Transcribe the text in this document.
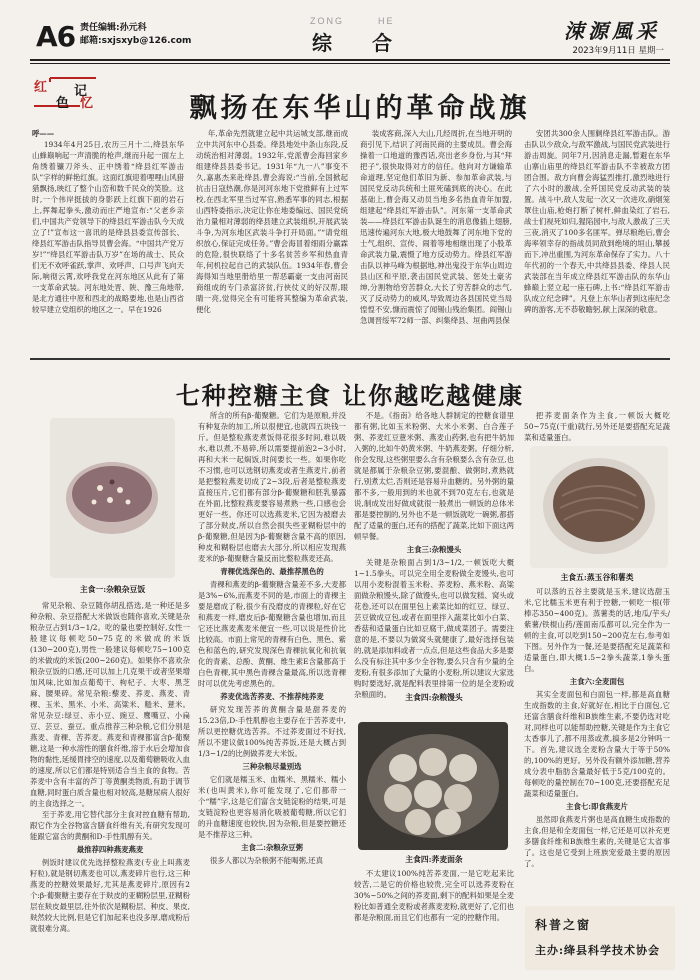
A6 责任编辑:孙元科
邮箱:sxjsxyb@126.com
ZONG	HE
综 合	涑源風采
2023年9月11日 星期一
红 记
色 忆	飘扬在东华山的革命战旗

呼——

1934年4月25日,农历三月十二,绛县东华山蜂巅响起一声清脆的枪声,继而升起一面左上角绣着镰刀斧头、正中绣着“绛县红军游击队”字样的鲜艳红旗。这面红旗迎着哩哩山风猎猎飘扬,映红了整个山峦和数千民众的笑脸。这时,一个伟岸挺拔的身影跃上红旗下面的岩石上,挥舞起拳头,激动而庄严地宣布:“父老乡亲们,中国共产党领导下的绛县红军游击队今天成立了!”宣布这一喜讯的是绛县县委宣传部长、绛县红军游击队指导员曹会海。“中国共产党万岁!”“绛县红军游击队万岁”在场的战士、民众们无不欢呼雀跃,掌声、欢呼声、口号声飞向天际,响彻云霄,欢呼我党在河东地区从此有了第一支革命武装。河东地处晋、陕、豫三角地带,是北方通往中原和西北的战略要地,也是山西省较早建立党组织的地区之一。早在1926

年,革命先烈就建立起中共运城支部,继而成立中共河东中心县委。绛县地处中条山东段,反动统治相对薄弱。1932年,党派曹会海回家乡组建绛县县委书记。1931年“九一八”事变不久,嘉惠杰来赴绛县,曹会海说:“当前,全国掀起抗击日寇热潮,你是河河东地下党推鲜有上过军校,在西北军里当过军官,熟悉军事的同志,根据山西特委指示,决定让你在地委编远、国民党统治力量相对薄弱的绛县建立武装组织,开展武装斗争,为河东地区武装斗争打开局面。”“请党组织放心,保证完成任务。”曹会海冒着细雨分赢霖的危险,很快联络了十多名贫苦乡军和热血青年,何机拉起自己的武装队伍。1934年春,曹会海得知当地里册给里一帮恶霸豪一支由河南民商组成的专门杀富济贫,行侠仗义的好汉帮,眼睛一亮,觉得完全有可能将其整编为革命武装,便化

装成客商,深入大山,几经周折,在当地开明的商引见下,结识了河南民商的主要成员。曹会海操着一口地道的豫西话,亮出老乡身份,与其“拜把子”,很快取得对方的信任。他向对方谦输革命道理,坚定他们革旧为新、参加革命武装,与国民党反动兵统和土匪死磕到底的决心。在此基础上,曹会海又动员当地多名热血青年加盟,组建起“绛县红军游击队”。河东第一支革命武装——绛县红军游击队诞生的消息像插上翅膀,迅速传遍河东大地,极大地鼓舞了河东地下党的士气,组织、宣传、闹着等地相继出现了小股革命武装力量,震慑了地方反动势力。绛县红军游击队以神马峰为根据地,神出鬼没于东华山周边县山区和平原,袭击国民党武装、惩处土豪劣绅,分割物给穷苦群众,大长了穷苦群众的志气,灭了反动势力的威风,导致周边各县国民党当局惶惶不安,慷而震惊了闻锡山残治集团。阎锡山急调晋绥军72师一部、纠集绛县、垣曲两县保

安团共300余人围剿绛县红军游击队。游击队以少敌众,与敌军激战,与国民党武装进行游击周旋。同年7月,因消息走漏,暂避在东华山寨山庙里的绛县红军游击队不幸被敌方团团合围。敌方向曹会海猛烈推打,激烈地进行了六小时的激战,全歼国民党反动武装的装置。战斗中,敌人发起一次又一次进攻,硝烟笼罩住山庙,枪炮打断了树杆,鲜血染红了岩石,战士们视死如归,猩陷园中,与敌人激战了三天三夜,消灭了100多名匪军。弹尽粮绝后,曹会海率领幸存的指战员同敌到绝境的垣山,攀援而下,冲出重围,为河东革命保存了实力。八十年代初的一个春天,中共绛县县委、绛县人民武装部在当年成立绛县红军游击队的东华山蜂巅上竖立起一座石碑,上书:“绛县红军游击队成立纪念碑”。凡登上东华山者到这座纪念碑的游客,无不恭敬瞻躬,献上深深的敬意。

七种控糖主食 让你越吃越健康
主食一:杂粮杂豆饭

常见杂粮、杂豆随你胡乱搭选,是一种还是多种杂粮、杂豆搭配大米做饭也随你喜欢,关键是杂粮杂豆占到1/3~1/2。吃的量也要控制好,女性一般建议每顿吃50~75克的米做成的米饭(130~200克),男性一般建议每顿吃75~100克的米做成的米饭(200~260克)。如果你不喜欢杂粮杂豆饭的口感,还可以加上几克果干或者坚果增加风味,比如加点葡萄干、枸杞子、大枣、黑芝麻、腰果碎。常见杂粮:藜麦、荞麦、燕麦、青稞、玉米、黑米、小米、高粱米、糙米、薏米。常见杂豆:绿豆、赤小豆、豌豆、鹰嘴豆、小扁豆、芸豆、蚕豆。重点推荐三种杂粮,它们分别是燕麦、青稞、苦荞麦。燕麦和青稞都富含β-葡聚糖,这是一种水溶性的膳食纤维,溶于水后会增加食物的黏性,延缓胃排空的速度,以及葡萄糖吸收入血的速度,所以它们都是特别适合当主食的食物。苦荞麦中含有丰富的芦丁等黄酮类物质,有助于调节血糖,同时蛋白质含量也相对较高,是糖尿病人很好的主食选择之一。

至于荞麦,用它替代部分主食对控血糖有帮助,跟它作为全谷物富含膳食纤维有关,有研究发现可能跟它富含的黄酮和D-手性肌醇有关。

最推荐四种燕麦燕麦

例饭时建议优先选择整粒燕麦(专业上叫燕麦籽粒),就是钢切燕麦也可以,燕麦碎片也行,这三种燕麦的控糖效果最好,尤其是燕麦碎片,原因有2个:β-葡聚糖主要存在于麸皮的亚糊粉层里,亚糊粉层在麸皮最里层,往外依次是糊粉层、种皮、果皮,麸然较大比例,但是它们加起来也没多厚,磨成粉后就很难分离。

所含的所有β-葡聚糖。它们为是原粮,并没有种复杂的加工,所以很便宜,也就四五块钱一斤。但是整粒燕麦煮饭得花很多时间,难以吸水,难以煮,不易碎,所以需要提前泡2~3小时,再和大米一起焖饭,时间要长一些。如果你吃不习惯,也可以选钢切燕麦或者生燕麦片,前者是把整粒燕麦切成了2~3段,后者是整粒燕麦直接压片,它们都有部分β-葡聚糖和胚乳暴露在外面,比整粒燕麦要容易煮熟一些,口感也会更好一些。你还可以选燕麦米,它因为被磨去了部分麸皮,所以自然会损失些亚糊粉层中的β-葡聚糖,但是因为β-葡聚糖含量不高的原因,种皮和糊粉层也磨去大部分,所以相应发现燕麦米的β-葡聚糖含量反而比整粒燕麦还高。

青稞优选深色的、最推荐黑色的

青稞和燕麦的β-葡聚糖含量差不多,大麦都是3%~6%,而燕麦不同的是,市面上的青稞主要是磨成了粉,很少有没磨皮的青稞粒,好在它和燕麦一样,磨皮后β-葡聚糖含量也增加,而且它还比燕麦燕麦米便宜一些,可以说是性价比比较高。市面上常见的青稞有白色、黑色、紫色和蓝色的,研究发现深色青稞抗氧化和抗氧化的青素、总酚、黄酮、维生素E含量都高于白色青稞,其中黑色青稞含量最高,所以选青稞时可以优先考虑黑色的。

荞麦优选苦荞麦、不推荐纯荞麦

研究发现苦荞的黄酮含量是甜荞麦的15.23倍,D-手性肌醇也主要存在于苦荞麦中,所以更控糖优选苦荞。不过荞麦面过不好找,所以不建议做100%纯苦荞饭,还是大概占到1/3~1/2的比例做荞麦大米饭。

三种杂粮尽量别选

它们就是糯玉米、血糯米、黑糯米、糯小米(也叫黄米),你可能发现了,它们都带一个“糯”字,这是它们富含支链淀粉的结果,可是支链淀粉也更容易消化吸被葡萄糖,所以它们的升血糖速度也较快,因为杂粮,但是要控糖还是不推荐这三种。

主食二:杂粮杂豆粥

很多人都以为杂粮粥不能喝粥,还真

不是。《指南》给各地人群制定的控糖食谱里都有粥,比如玉米粉粥、大米小米粥、白合莲子粥、荞麦红豆薏米粥、燕麦山药粥,也有把牛奶加入粥的,比如牛奶黄米粥、牛奶燕麦粥。仔细分析,你会发现,这些粥里要么含有杂粮要么含有杂豆,也就是都属于杂粮杂豆粥,要混酿、做粥时,煮熟就行,别煮太烂,否则还是容易升血糖的。另外粥的量都不多,一般用到的米也就不到70克左右,也就是说,制成发出好做成就很一般煮出一顿饭的总体米都是要控制的,另外也不是一顿饭就吃一碗粥,都搭配了适量的蛋白,还有的搭配了蔬菜,比如下面这两顿早餐。

主食三:杂粮馒头

关键是杂粮面占到1/3~1/2,一顿饭吃大概1~1.5拳头。可以完全用全麦粉做全麦馒头,也可以用小麦粉混着玉米粉、荞麦粉、燕米粉、高粱面做杂粮馒头,除了做馒头,也可以做发糕、窝头或花卷,还可以在面里包上素菜比如的红豆、绿豆、芸豆做成豆包,或者在面里拌入蔬菜比如小白菜、香菇和适量蛋白比如豆腐干,做成菜团子。需要注意的是,不要以为做窝头就健康了,最好选择包装的,就是添加料或者一点点,但是这些食品大多是要么没有标注其中多少全谷物,要么只含有少量的全麦粉,有很多添加了大量的小麦粉,所以建议大家选购时要选好,就是配料表里排第一位的是全麦粉或杂粮面的。

主食四:荞麦面条

不太建议100%纯苦荞麦面,一是它吃起来比较苦,二是它的价格也较贵,完全可以选荞麦粉在30%~50%之间的荞麦面,剩下的配料如果是全麦粉比如普通全麦粉或者燕麦麦粉,就更好了,它们也都是杂粮面,而且它们也都有一定的控糖作用。

把荞麦面条作为主食,一顿饭大概吃50~75克(干重)就行,另外还是要搭配充足蔬菜和适量蛋白。

主食五:蒸玉谷和薯类

可以蒸的五谷主要就是玉米,建议选甜玉米,它比糯玉米更有利于控糖,一顿吃一根(带棒芯350~400克)。蒸薯类的话,地瓜/芋头/紫薯/铁棍山药/莲面南瓜都可以,完全作为一顿的主食,可以吃到150~200克左右,参考如下图。另外作为一餐,还是要搭配充足蔬菜和适量蛋白,即大概1.5~2拳头蔬菜,1拳头蛋白。

主食六:全麦面包

其实全麦面包和白面包一样,都是高血糖生成指数的主食,好就好在,相比于白面包,它还富含膳食纤维和B族维生素,不要仍选对吃对,同样也可以能帮助控糖,关键是作为主食它太香事儿了,都不用蒸或煮,搞多是2分钟吗一下。首先,建议选全麦粉含量大于等于50%的,100%的更好。另外没有额外添加糖,营养成分表中脂肪含量最好低于5克/100克的。每顿吃的量控制在70~100克,还要搭配充足蔬菜和适量蛋白。

主食七:即食燕麦片

虽然即食燕麦片粥也是高血糖生成指数的主食,但是和全麦面包一样,它还是可以补充更多膳食纤维和B族维生素的,关键是它太省事了。这也是它受到上班族宠爱最主要的原因了。

科普之窗
主办:绛县科学技术协会
主食四:杂粮馒头
